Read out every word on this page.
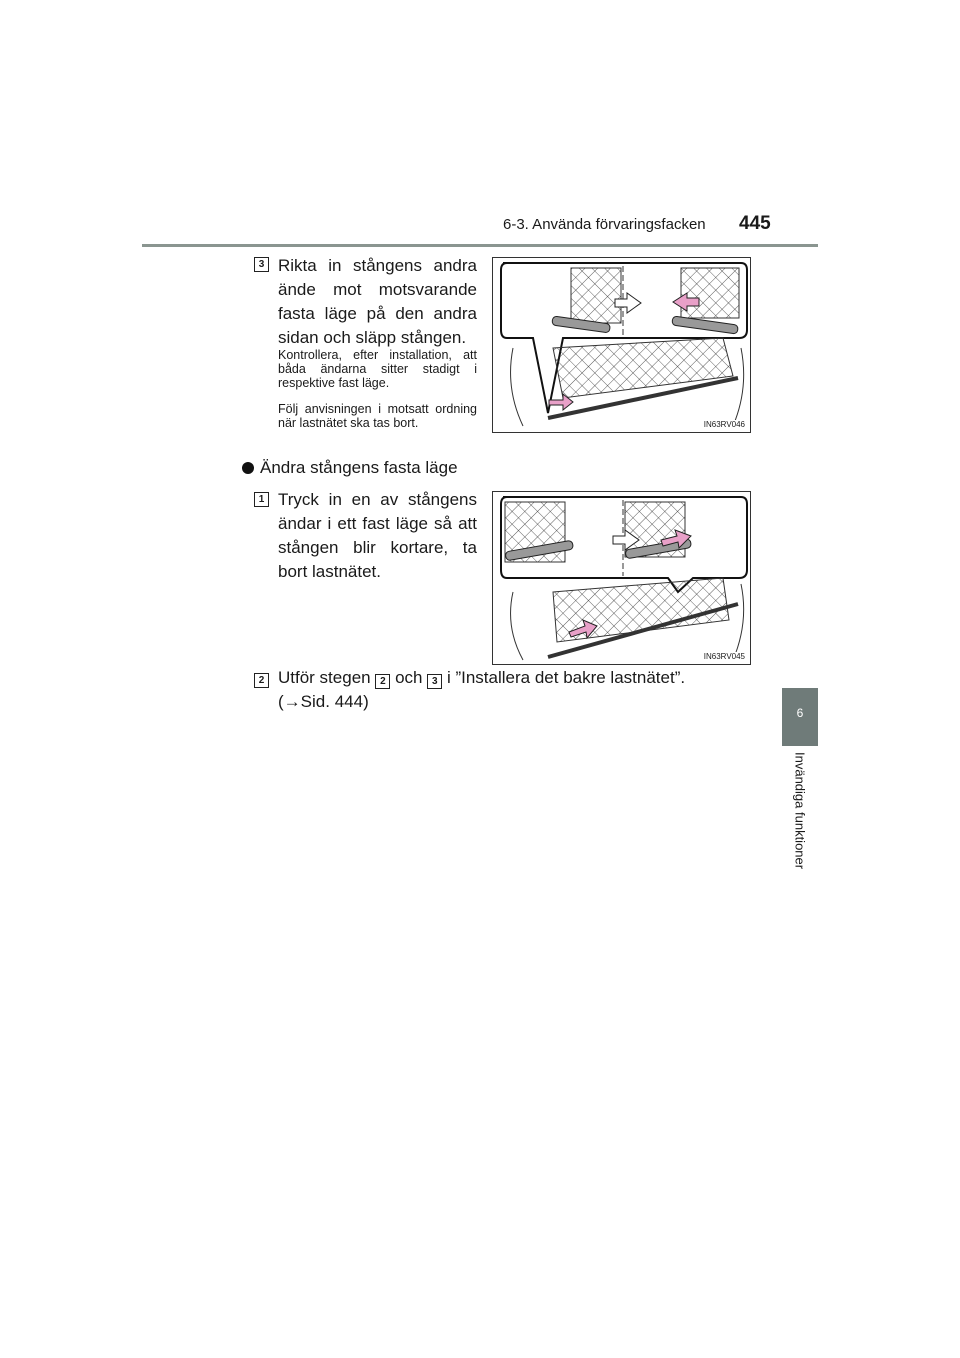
6-3. Använda förvaringsfacken 445
6
Invändiga funktioner
3 Rikta in stångens andra ände mot motsvarande fasta läge på den andra sidan och släpp stången.
Kontrollera, efter installation, att båda ändarna sitter stadigt i respektive fast läge.
Följ anvisningen i motsatt ordning när lastnätet ska tas bort.	IN63RV046
Ändra stångens fasta läge
1 Tryck in en av stångens ändar i ett fast läge så att stången blir kortare, ta bort lastnätet.
IN63RV045
2 Utför stegen 2 och 3 i ”Installera det bakre lastnätet”.
(→Sid. 444)
